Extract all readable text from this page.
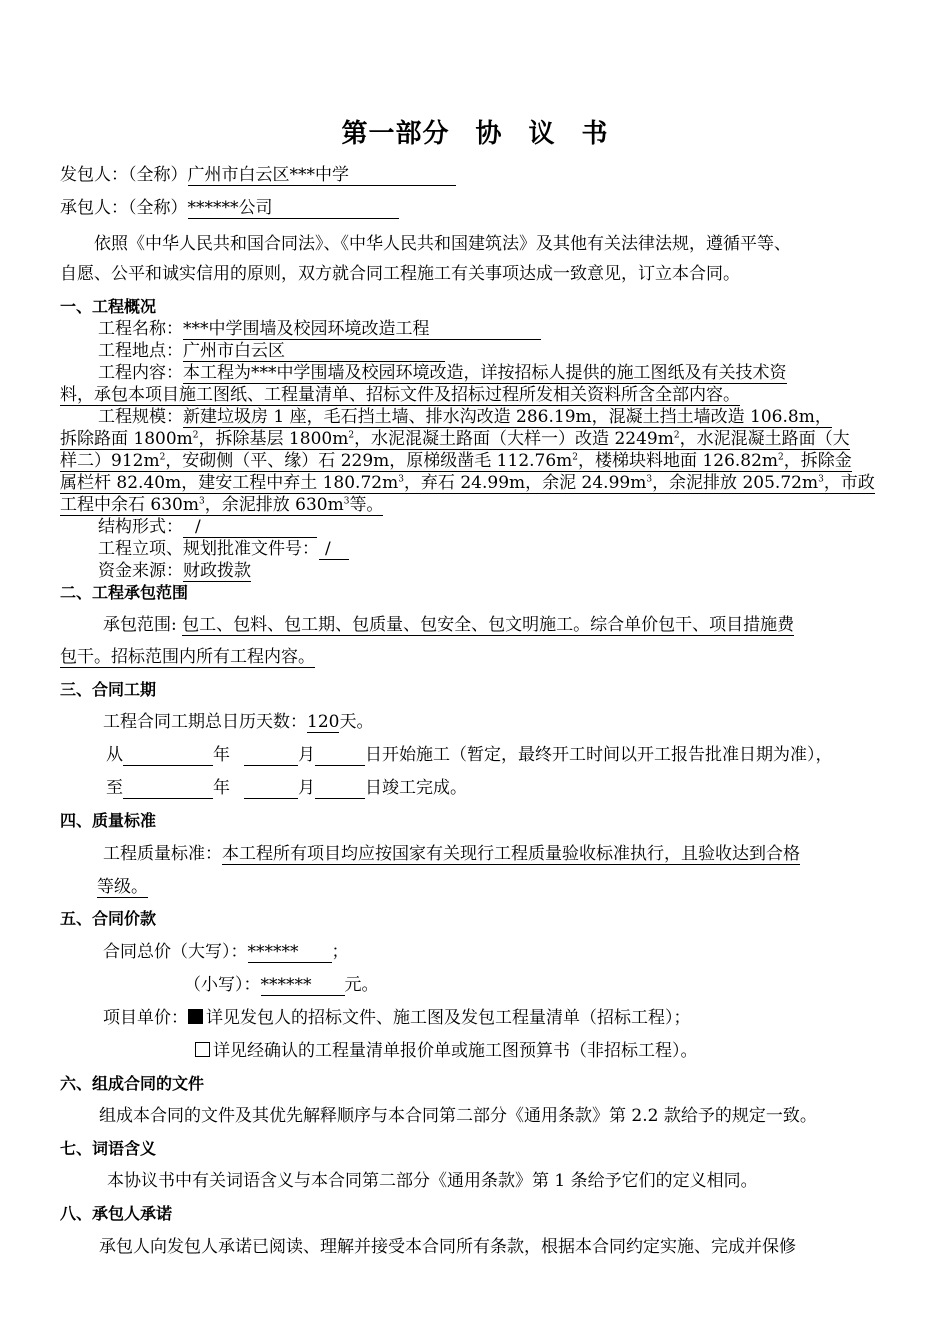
第一部分 协 议 书
发包人：（全称）广州市白云区***中学
承包人：（全称）******公司
依照《中华人民共和国合同法》、《中华人民共和国建筑法》及其他有关法律法规，遵循平等、
自愿、公平和诚实信用的原则，双方就合同工程施工有关事项达成一致意见，订立本合同。
一、工程概况
工程名称：***中学围墙及校园环境改造工程
工程地点：广州市白云区
工程内容：本工程为***中学围墙及校园环境改造，详按招标人提供的施工图纸及有关技术资
料，承包本项目施工图纸、工程量清单、招标文件及招标过程所发相关资料所含全部内容。
工程规模：新建垃圾房 1 座，毛石挡土墙、排水沟改造 286.19m，混凝土挡土墙改造 106.8m，
拆除路面 $1800m^2$，拆除基层 $1800m^2$，水泥混凝土路面（大样一）改造 $2249m^2$，水泥混凝土路面（大
样二）$912m^2$，安砌侧（平、缘）石 229m，原梯级凿毛 $112.76m^2$，楼梯块料地面 $126.82m^2$，拆除金
属栏杆 82.40m，建安工程中弃土 $180.72m^3$，弃石 24.99m，余泥 $24.99m^3$，余泥排放 $205.72m^3$，市政
工程中余石 $630m^3$，余泥排放 $630m^3$等。
结构形式： /
工程立项、规划批准文件号： /
资金来源：财政拨款
二、工程承包范围
承包范围: 包工、包料、包工期、包质量、包安全、包文明施工。综合单价包干、项目措施费
包干。招标范围内所有工程内容。
三、合同工期
工程合同工期总日历天数：120天。
从	年	月	日开始施工（暂定，最终开工时间以开工报告批准日期为准），
至	年	月	日竣工完成。
四、质量标准
工程质量标准：本工程所有项目均应按国家有关现行工程质量验收标准执行，且验收达到合格
等级。
五、合同价款
合同总价（大写）：****** ；
（小写）：****** 元。
项目单价： 详见发包人的招标文件、施工图及发包工程量清单（招标工程）；
详见经确认的工程量清单报价单或施工图预算书（非招标工程）。
六、组成合同的文件
组成本合同的文件及其优先解释顺序与本合同第二部分《通用条款》第 2.2 款给予的规定一致。
七、词语含义
本协议书中有关词语含义与本合同第二部分《通用条款》第 1 条给予它们的定义相同。
八、承包人承诺
承包人向发包人承诺已阅读、理解并接受本合同所有条款，根据本合同约定实施、完成并保修
